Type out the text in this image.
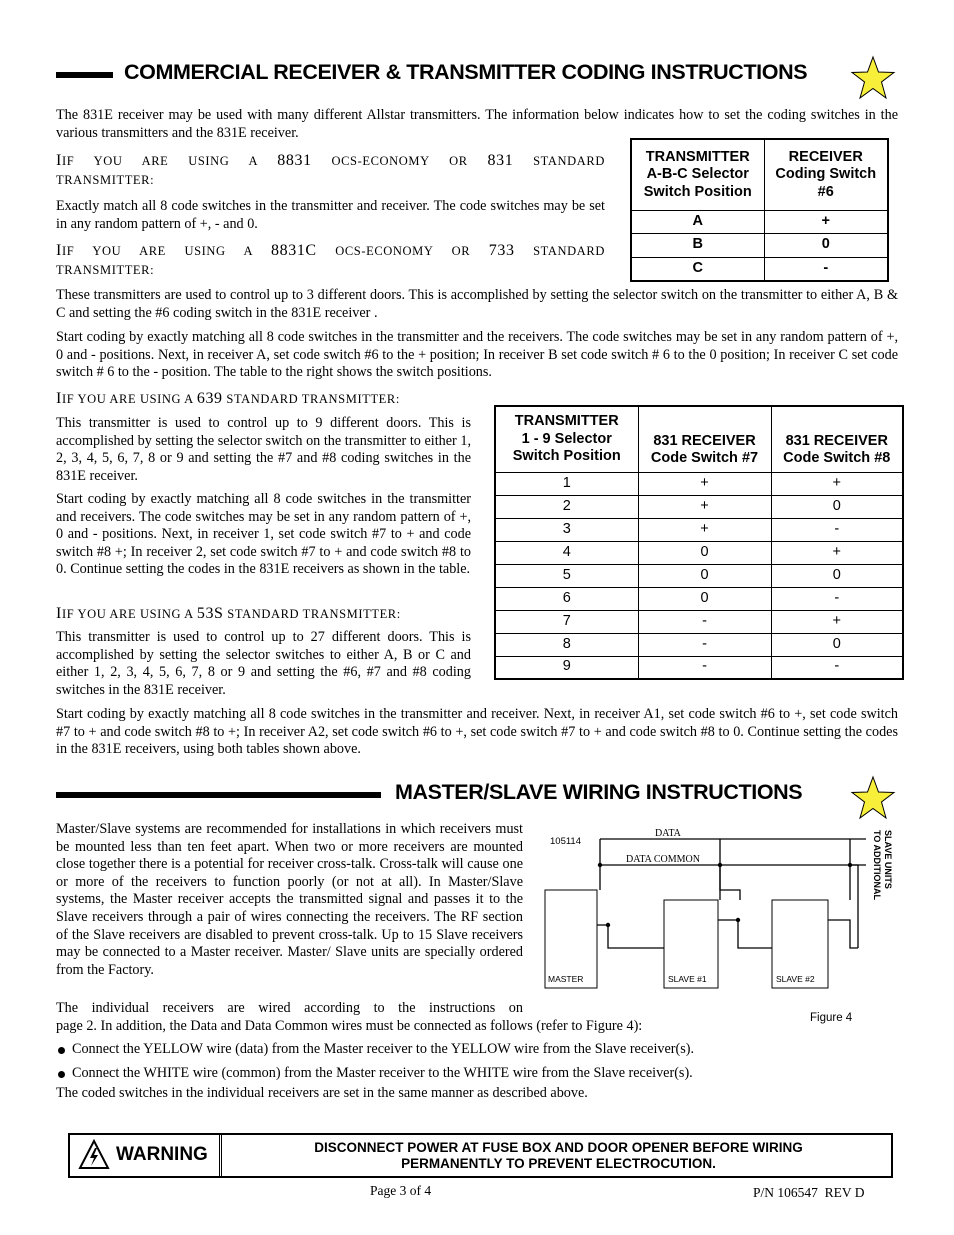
COMMERCIAL RECEIVER & TRANSMITTER CODING INSTRUCTIONS
The 831E receiver may be used with many different Allstar transmitters. The information below indicates how to set the coding switches in the various transmitters and the 831E receiver.
IIF YOU ARE USING A 8831 OCS-ECONOMY OR 831 STANDARD
TRANSMITTER:
Exactly match all 8 code switches in the transmitter and receiver. The code switches may be set in any random pattern of +, - and 0.
IIF YOU ARE USING A 8831C OCS-ECONOMY OR 733 STANDARD
TRANSMITTER:
TRANSMITTER
A-B-C Selector
Switch Position	RECEIVER
Coding Switch
#6
A	+
B	0
C	-
These transmitters are used to control up to 3 different doors. This is accomplished by setting the selector switch on the transmitter to either A, B & C and setting the #6 coding switch in the 831E receiver .
Start coding by exactly matching all 8 code switches in the transmitter and the receivers. The code switches may be set in any random pattern of +, 0 and - positions. Next, in receiver A, set code switch #6 to the + position; In receiver B set code switch # 6 to the 0 position; In receiver C set code switch # 6 to the - position. The table to the right shows the switch positions.
IIF YOU ARE USING A 639 STANDARD TRANSMITTER:
This transmitter is used to control up to 9 different doors. This is accomplished by setting the selector switch on the transmitter to either 1, 2, 3, 4, 5, 6, 7, 8 or 9 and setting the #7 and #8 coding switches in the 831E receiver.
Start coding by exactly matching all 8 code switches in the transmitter and receivers. The code switches may be set in any random pattern of +, 0 and - positions. Next, in receiver 1, set code switch #7 to + and code switch #8 +; In receiver 2, set code switch #7 to + and code switch #8 to 0. Continue setting the codes in the 831E receivers as shown in the table.
IIF YOU ARE USING A 53S STANDARD TRANSMITTER:
This transmitter is used to control up to 27 different doors. This is accomplished by setting the selector switches to either A, B or C and either 1, 2, 3, 4, 5, 6, 7, 8 or 9 and setting the #6, #7 and #8 coding switches in the 831E receiver.
TRANSMITTER
1 - 9 Selector
Switch Position	831 RECEIVER
Code Switch #7	831 RECEIVER
Code Switch #8
1	+	+
2	+	0
3	+	-
4	0	+
5	0	0
6	0	-
7	-	+
8	-	0
9	-	-
Start coding by exactly matching all 8 code switches in the transmitter and receiver. Next, in receiver A1, set code switch #6 to +, set code switch #7 to + and code switch #8 to +; In receiver A2, set code switch #6 to +, set code switch #7 to + and code switch #8 to 0. Continue setting the codes in the 831E receivers, using both tables shown above.
MASTER/SLAVE WIRING INSTRUCTIONS
Master/Slave systems are recommended for installations in which receivers must be mounted less than ten feet apart. When two or more receivers are mounted close together there is a potential for receiver cross-talk. Cross-talk will cause one or more of the receivers to function poorly (or not at all). In Master/Slave systems, the Master receiver accepts the transmitted signal and passes it to the Slave receivers through a pair of wires connecting the receivers. The RF section of the Slave receivers are disabled to prevent cross-talk. Up to 15 Slave receivers may be connected to a Master receiver. Master/ Slave units are specially ordered from the Factory.
The individual receivers are wired according to the instructions on
page 2. In addition, the Data and Data Common wires must be connected as follows (refer to Figure 4):
105114
DATA
DATA COMMON
MASTER	SLAVE #1	SLAVE #2
TO ADDITIONAL SLAVE UNITS
Figure 4
Connect the YELLOW wire (data) from the Master receiver to the YELLOW wire from the Slave receiver(s).
Connect the WHITE wire (common) from the Master receiver to the WHITE wire from the Slave receiver(s).
The coded switches in the individual receivers are set in the same manner as described above.
WARNING	DISCONNECT POWER AT FUSE BOX AND DOOR OPENER BEFORE WIRING
PERMANENTLY TO PREVENT ELECTROCUTION.
Page 3 of 4	P/N 106547  REV D
